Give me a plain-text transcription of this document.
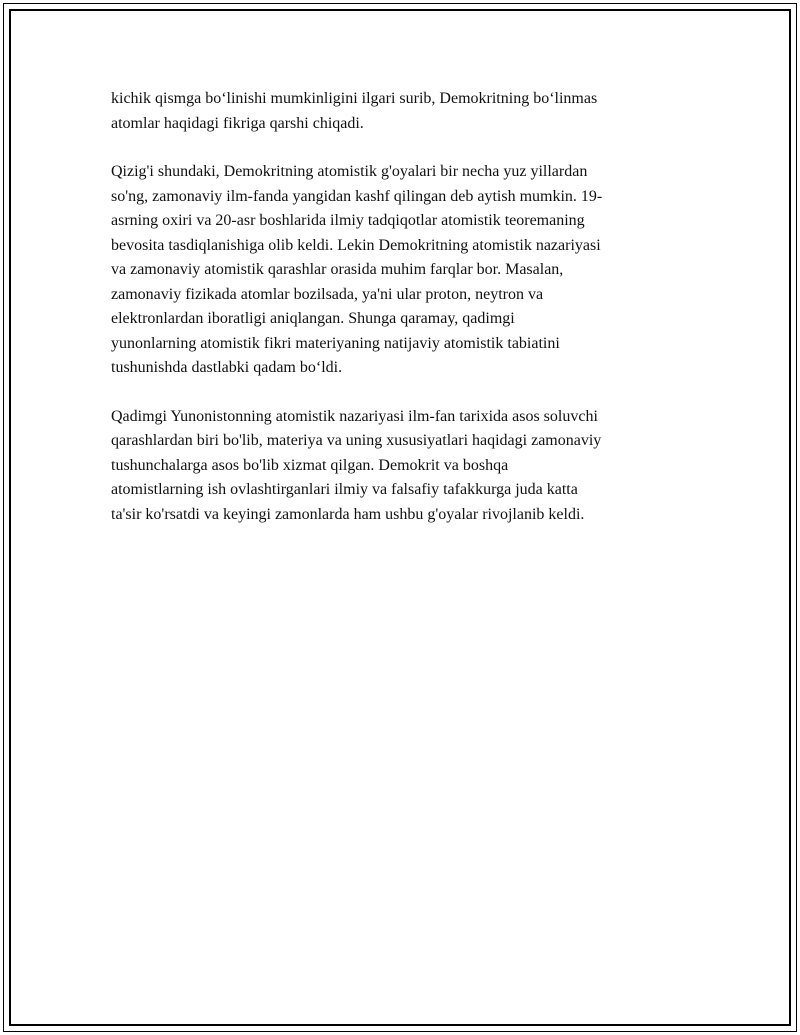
kichik qismga bo‘linishi mumkinligini ilgari surib, Demokritning bo‘linmas
atomlar haqidagi fikriga qarshi chiqadi.

Qizig'i shundaki, Demokritning atomistik g'oyalari bir necha yuz yillardan
so'ng, zamonaviy ilm-fanda yangidan kashf qilingan deb aytish mumkin. 19-
asrning oxiri va 20-asr boshlarida ilmiy tadqiqotlar atomistik teoremaning
bevosita tasdiqlanishiga olib keldi. Lekin Demokritning atomistik nazariyasi
va zamonaviy atomistik qarashlar orasida muhim farqlar bor. Masalan,
zamonaviy fizikada atomlar bozilsada, ya'ni ular proton, neytron va
elektronlardan iboratligi aniqlangan. Shunga qaramay, qadimgi
yunonlarning atomistik fikri materiyaning natijaviy atomistik tabiatini
tushunishda dastlabki qadam bo‘ldi.

Qadimgi Yunonistonning atomistik nazariyasi ilm-fan tarixida asos soluvchi
qarashlardan biri bo'lib, materiya va uning xususiyatlari haqidagi zamonaviy
tushunchalarga asos bo'lib xizmat qilgan. Demokrit va boshqa
atomistlarning ish ovlashtirganlari ilmiy va falsafiy tafakkurga juda katta
ta'sir ko'rsatdi va keyingi zamonlarda ham ushbu g'oyalar rivojlanib keldi.
